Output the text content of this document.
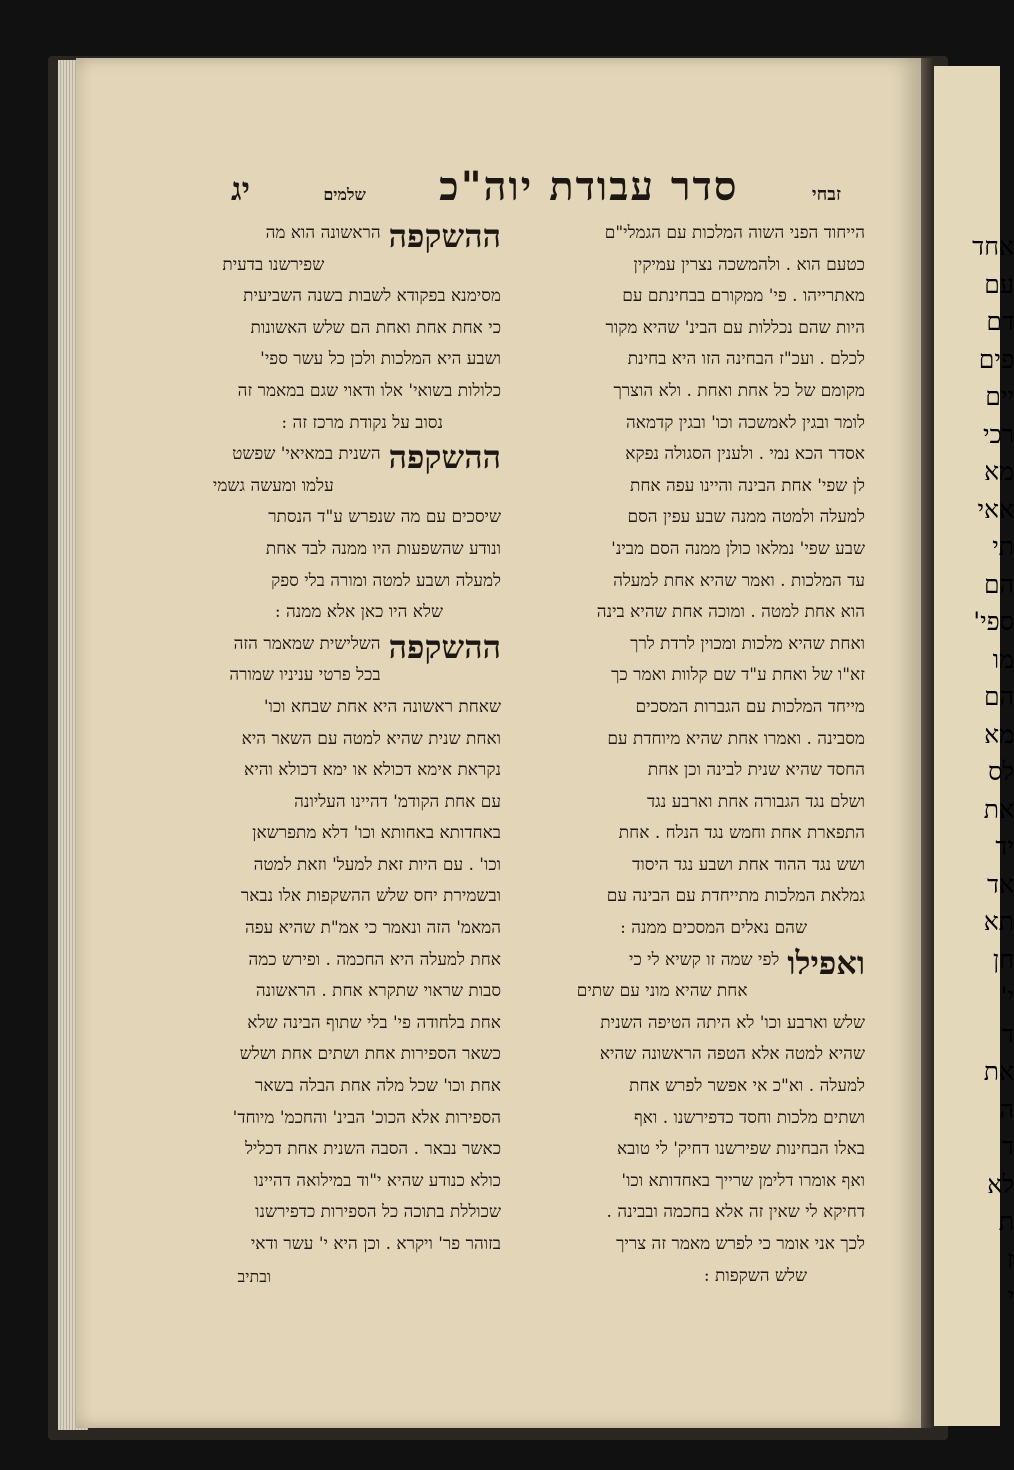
אחד
עם
דם
פים
יים
רכי
מא
אאי
תי
הם
ספי'
מו
הם
מא
לס
את
יד
אד
תא
חן
י'
ד
את
ה
ד
לא
ת
ז
י
זבחי
סדר עבודת יוה"כ
שלמים
יג
הייחוד הפני השוה המלכות עם הגמלי"ם
כטעם הוא . ולהמשכה נצרין עמיקין
מאתרייהו . פי' ממקורם בבחינתם עם
היות שהם נכללות עם הבינ' שהיא מקור
לכלם . ועכ"ז הבחינה הזו היא בחינת
מקומם של כל אחת ואחת . ולא הוצרך
לומר ובגין לאמשכה וכו' ובגין קדמאה
אסדר הכא נמי . ולענין הסגולה נפקא
לן שפי' אחת הבינה והיינו עפה אחת
למעלה ולמטה ממנה שבע עפין הסם
שבע שפי' נמלאו כולן ממנה הסם מבינ'
עד המלכות . ואמר שהיא אחת למעלה
הוא אחת למטה . ומוכה אחת שהיא בינה
ואחת שהיא מלכות ומכוין לרדת לרך
זא"ו של ואחת ע"ד שם קלוות ואמר כך
מייחד המלכות עם הגברות המסכים
מסבינה . ואמרו אחת שהיא מיוחדת עם
החסד שהיא שנית לבינה וכן אחת
ושלם נגד הגבורה אחת וארבע נגד
התפארת אחת וחמש נגד הנלח . אחת
ושש נגד ההוד אחת ושבע נגד היסוד
גמלאת המלכות מתייחדת עם הבינה עם
שהם נאלים המסכים ממנה :
ואפילו
לפי שמה זו קשיא לי כי
אחת שהיא מוני עם שתים
שלש וארבע וכו' לא היתה הטיפה השנית
שהיא למטה אלא הטפה הראשונה שהיא
למעלה . וא"כ אי אפשר לפרש אחת
ושתים מלכות וחסד כדפירשנו . ואף
באלו הבחינות שפירשנו דחיק' לי טובא
ואף אומרו דלימן שרייך באחדותא וכו'
דחיקא לי שאין זה אלא בחכמה ובבינה .
לכך אני אומר כי לפרש מאמר זה צריך
שלש השקפות :
ההשקפה
הראשונה הוא מה
שפירשנו בדעית
מסימנא בפקודא לשבות בשנה השביעית
כי אחת אחת ואחת הם שלש האשונות
ושבע היא המלכות ולכן כל עשר ספי'
כלולות בשואי' אלו ודאוי שגם במאמר זה
נסוב על נקודת מרכז זה :
ההשקפה
השנית במאיאי' שפשט
עלמו ומעשה גשמי
שיסכים עם מה שנפרש ע"ד הנסתר
ונודע שהשפעות היו ממנה לבד אחת
למעלה ושבע למטה ומורה בלי ספק
שלא היו כאן אלא ממנה :
ההשקפה
השלישית שמאמר הזה
בכל פרטי עניניו שמורה
שאחת ראשונה היא אחת שבחא וכו'
ואחת שנית שהיא למטה עם השאר היא
נקראת אימא דכולא או ימא דכולא והיא
עם אחת הקודמ' דהיינו העליונה
באחדותא באחותא וכו' דלא מתפרשאן
וכו' . עם היות זאת למעל' וזאת למטה
ובשמירת יחס שלש ההשקפות אלו נבאר
המאמ' הזה ונאמר כי אמ"ת שהיא עפה
אחת למעלה היא החכמה . ופירש כמה
סבות שראוי שתקרא אחת . הראשונה
אחת בלחודה פי' בלי שתוף הבינה שלא
כשאר הספירות אחת ושתים אחת ושלש
אחת וכו' שכל מלה אחת הבלה בשאר
הספירות אלא הכוכ' הבינ' והחכמ' מיוחד'
כאשר נבאר . הסבה השנית אחת דכליל
כולא כנודע שהיא י"וד במילואה דהיינו
שכוללת בתוכה כל הספירות כדפירשנו
בזוהר פר' ויקרא . וכן היא י' עשר ודאי
ובתיב
